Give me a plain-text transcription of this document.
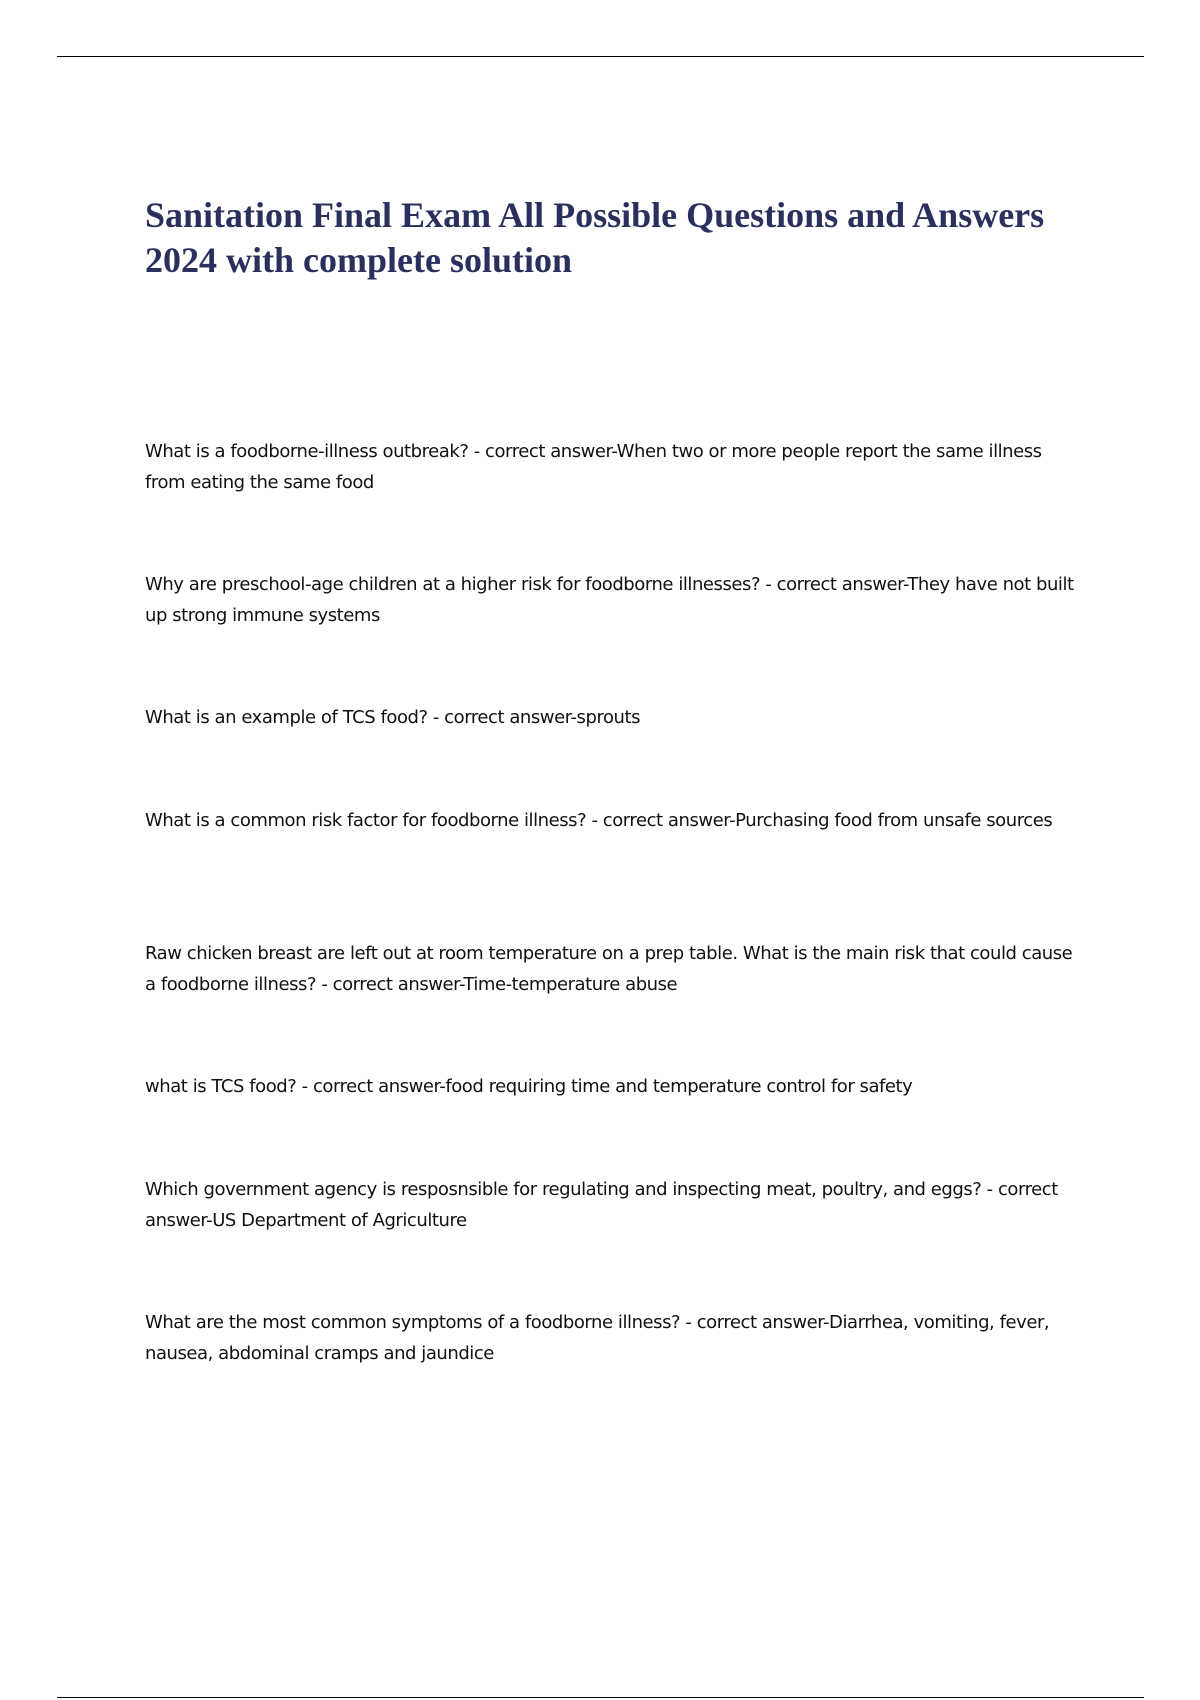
Sanitation Final Exam All Possible Questions and Answers 2024 with complete solution
What is a foodborne-illness outbreak? - correct answer-When two or more people report the same illness from eating the same food
Why are preschool-age children at a higher risk for foodborne illnesses? - correct answer-They have not built up strong immune systems
What is an example of TCS food? - correct answer-sprouts
What is a common risk factor for foodborne illness? - correct answer-Purchasing food from unsafe sources
Raw chicken breast are left out at room temperature on a prep table. What is the main risk that could cause a foodborne illness? - correct answer-Time-temperature abuse
what is TCS food? - correct answer-food requiring time and temperature control for safety
Which government agency is resposnsible for regulating and inspecting meat, poultry, and eggs? - correct answer-US Department of Agriculture
What are the most common symptoms of a foodborne illness? - correct answer-Diarrhea, vomiting, fever, nausea, abdominal cramps and jaundice
